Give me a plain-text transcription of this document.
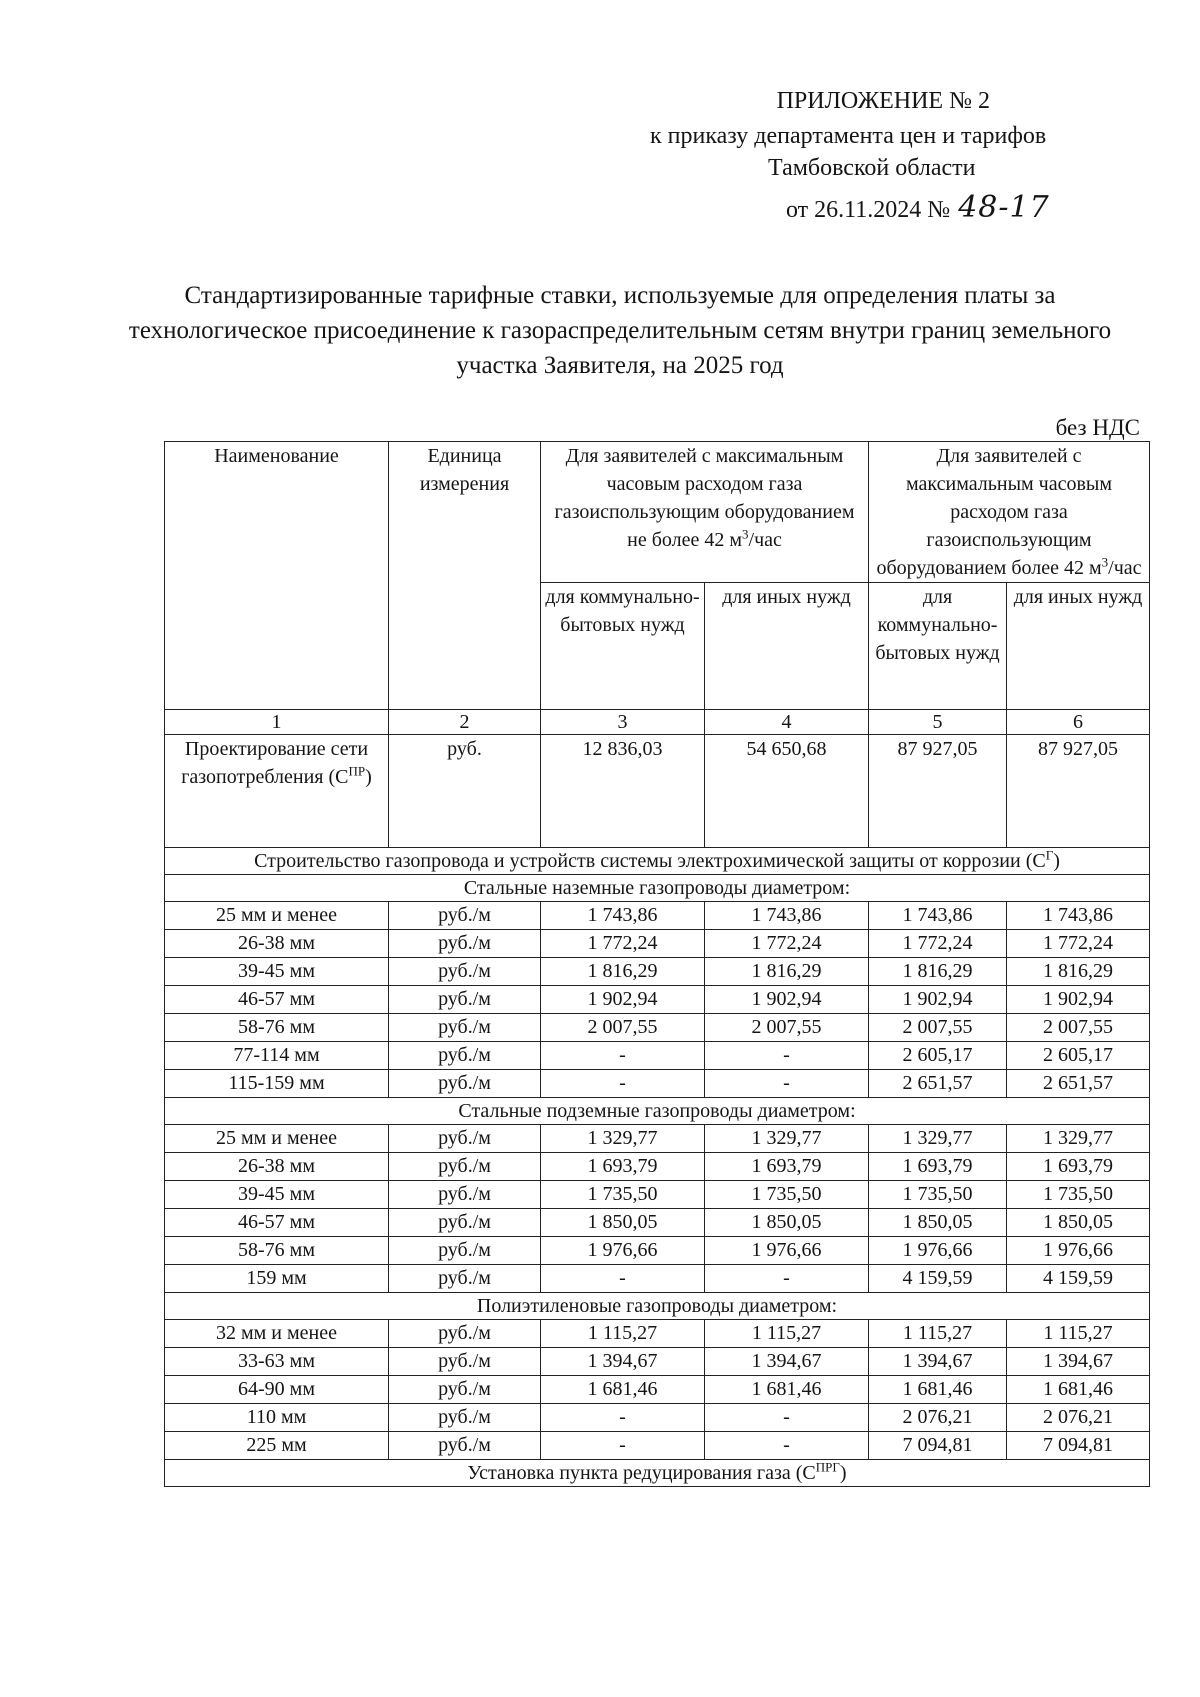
ПРИЛОЖЕНИЕ № 2
к приказу департамента цен и тарифов
Тамбовской области
от 26.11.2024 № 48-17
Стандартизированные тарифные ставки, используемые для определения платы за технологическое присоединение к газораспределительным сетям внутри границ земельного участка Заявителя, на 2025 год
без НДС
Наименование	Единица измерения	Для заявителей с максимальным часовым расходом газа газоиспользующим оборудованием не более 42 $м^3$/час		Для заявителей с максимальным часовым расходом газа газоиспользующим оборудованием более 42 $м^3$/час	
		для коммунально-бытовых нужд	для иных нужд	для коммунально-бытовых нужд	для иных нужд
1	2	3	4	5	6
Проектирование сети газопотребления $(С^{ПР})$	руб.	12 836,03	54 650,68	87 927,05	87 927,05
Строительство газопровода и устройств системы электрохимической защиты от коррозии $(С^Г)$					
Стальные наземные газопроводы диаметром:					
25 мм и менее	руб./м	1 743,86	1 743,86	1 743,86	1 743,86
26-38 мм	руб./м	1 772,24	1 772,24	1 772,24	1 772,24
39-45 мм	руб./м	1 816,29	1 816,29	1 816,29	1 816,29
46-57 мм	руб./м	1 902,94	1 902,94	1 902,94	1 902,94
58-76 мм	руб./м	2 007,55	2 007,55	2 007,55	2 007,55
77-114 мм	руб./м	-	-	2 605,17	2 605,17
115-159 мм	руб./м	-	-	2 651,57	2 651,57
Стальные подземные газопроводы диаметром:					
25 мм и менее	руб./м	1 329,77	1 329,77	1 329,77	1 329,77
26-38 мм	руб./м	1 693,79	1 693,79	1 693,79	1 693,79
39-45 мм	руб./м	1 735,50	1 735,50	1 735,50	1 735,50
46-57 мм	руб./м	1 850,05	1 850,05	1 850,05	1 850,05
58-76 мм	руб./м	1 976,66	1 976,66	1 976,66	1 976,66
159 мм	руб./м	-	-	4 159,59	4 159,59
Полиэтиленовые газопроводы диаметром:					
32 мм и менее	руб./м	1 115,27	1 115,27	1 115,27	1 115,27
33-63 мм	руб./м	1 394,67	1 394,67	1 394,67	1 394,67
64-90 мм	руб./м	1 681,46	1 681,46	1 681,46	1 681,46
110 мм	руб./м	-	-	2 076,21	2 076,21
225 мм	руб./м	-	-	7 094,81	7 094,81
Установка пункта редуцирования газа $(С^{ПРГ})$					
